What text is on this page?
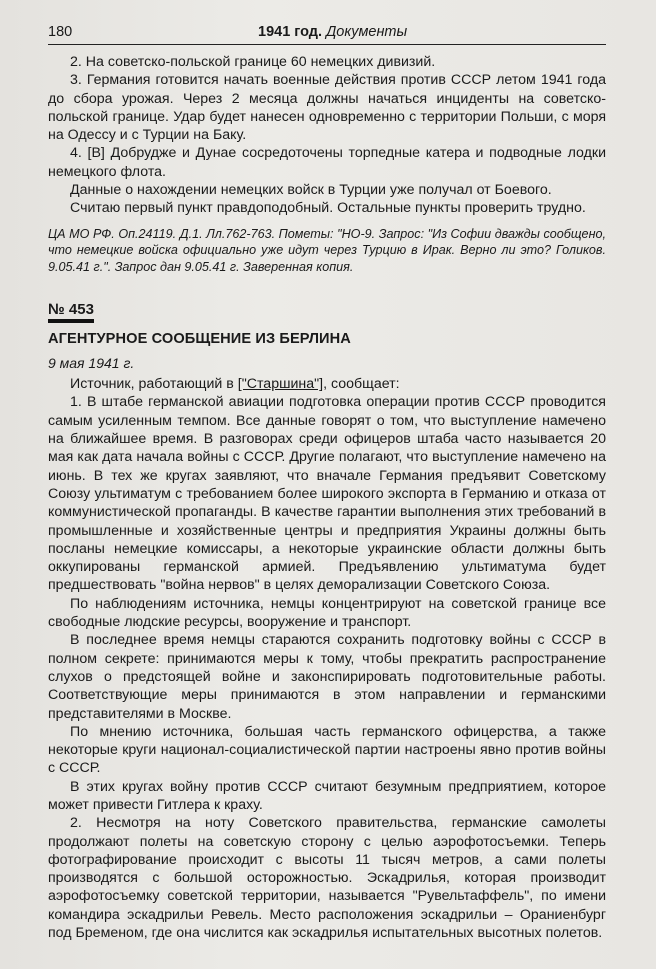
180	1941 год. Документы

2. На советско-польской границе 60 немецких дивизий.

3. Германия готовится начать военные действия против СССР летом 1941 года до сбора урожая. Через 2 месяца должны начаться инциденты на советско-польской границе. Удар будет нанесен одновременно с территории Польши, с моря на Одессу и с Турции на Баку.

4. [В] Добрудже и Дунае сосредоточены торпедные катера и подводные лодки немецкого флота.

Данные о нахождении немецких войск в Турции уже получал от Боевого.

Считаю первый пункт правдоподобный. Остальные пункты проверить трудно.

ЦА МО РФ. Оп.24119. Д.1. Лл.762-763. Пометы: "НО-9. Запрос: "Из Софии дважды сообщено, что немецкие войска официально уже идут через Турцию в Ирак. Верно ли это? Голиков. 9.05.41 г.". Запрос дан 9.05.41 г. Заверенная копия.

№ 453
АГЕНТУРНОЕ СООБЩЕНИЕ ИЗ БЕРЛИНА
9 мая 1941 г.

Источник, работающий в ["Старшина"], сообщает:

1. В штабе германской авиации подготовка операции против СССР проводится самым усиленным темпом. Все данные говорят о том, что выступление намечено на ближайшее время. В разговорах среди офицеров штаба часто называется 20 мая как дата начала войны с СССР. Другие полагают, что выступление намечено на июнь. В тех же кругах заявляют, что вначале Германия предъявит Советскому Союзу ультиматум с требованием более широкого экспорта в Германию и отказа от коммунистической пропаганды. В качестве гарантии выполнения этих требований в промышленные и хозяйственные центры и предприятия Украины должны быть посланы немецкие комиссары, а некоторые украинские области должны быть оккупированы германской армией. Предъявлению ультиматума будет предшествовать "война нервов" в целях деморализации Советского Союза.

По наблюдениям источника, немцы концентрируют на советской границе все свободные людские ресурсы, вооружение и транспорт.

В последнее время немцы стараются сохранить подготовку войны с СССР в полном секрете: принимаются меры к тому, чтобы прекратить распространение слухов о предстоящей войне и законспирировать подготовительные работы. Соответствующие меры принимаются в этом направлении и германскими представителями в Москве.

По мнению источника, большая часть германского офицерства, а также некоторые круги национал-социалистической партии настроены явно против войны с СССР.

В этих кругах войну против СССР считают безумным предприятием, которое может привести Гитлера к краху.

2. Несмотря на ноту Советского правительства, германские самолеты продолжают полеты на советскую сторону с целью аэрофотосъемки. Теперь фотографирование происходит с высоты 11 тысяч метров, а сами полеты производятся с большой осторожностью. Эскадрилья, которая производит аэрофотосъемку советской территории, называется "Рувельтаффель", по имени командира эскадрильи Ревель. Место расположения эскадрильи – Ораниенбург под Бременом, где она числится как эскадрилья испытательных высотных полетов.
